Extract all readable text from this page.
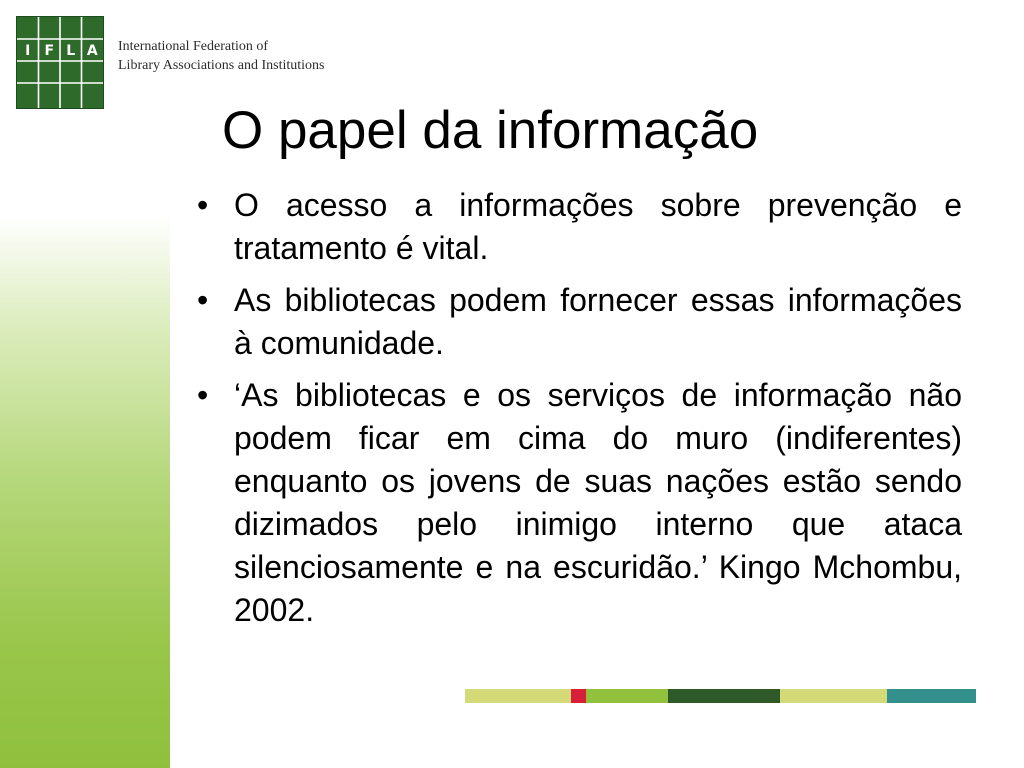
I F L A International Federation of
Library Associations and Institutions
O papel da informação
• O acesso a informações sobre prevenção e tratamento é vital.
• As bibliotecas podem fornecer essas informações à comunidade.
• ‘As bibliotecas e os serviços de informação não podem ficar em cima do muro (indiferentes) enquanto os jovens de suas nações estão sendo dizimados pelo inimigo interno que ataca silenciosamente e na escuridão.’ Kingo Mchombu, 2002.
